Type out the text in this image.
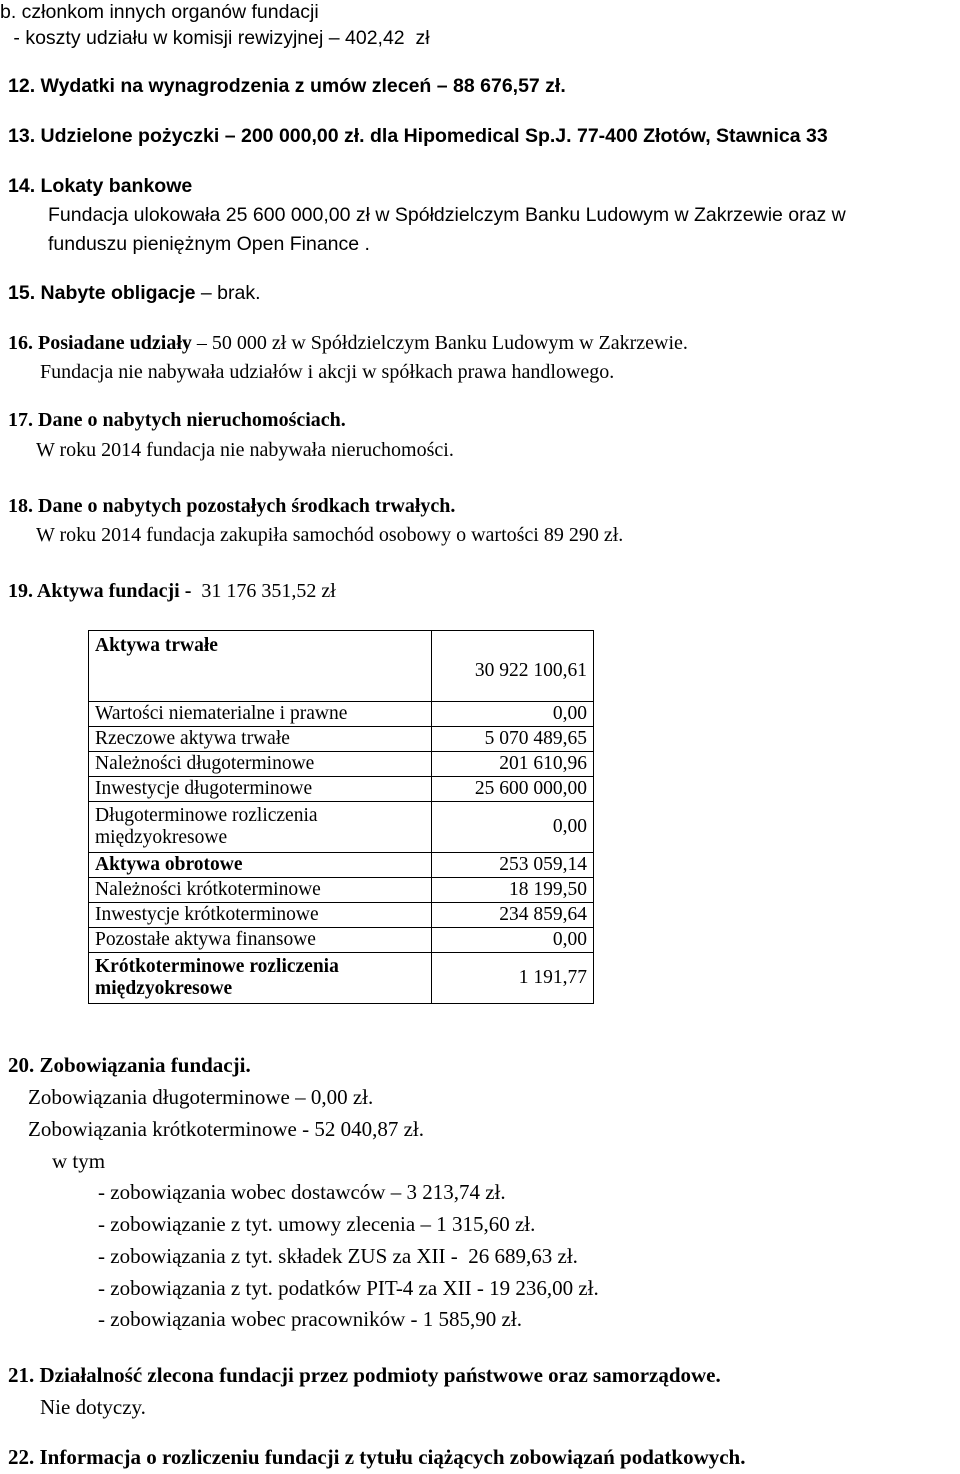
b. członkom innych organów fundacji
- koszty udziału w komisji rewizyjnej – 402,42  zł
12. Wydatki na wynagrodzenia z umów zleceń – 88 676,57 zł.
13. Udzielone pożyczki – 200 000,00 zł. dla Hipomedical Sp.J. 77-400 Złotów, Stawnica 33
14. Lokaty bankowe
Fundacja ulokowała 25 600 000,00 zł w Spółdzielczym Banku Ludowym w Zakrzewie oraz w
funduszu pieniężnym Open Finance .
15. Nabyte obligacje – brak.
16. Posiadane udziały – 50 000 zł w Spółdzielczym Banku Ludowym w Zakrzewie.
Fundacja nie nabywała udziałów i akcji w spółkach prawa handlowego.
17. Dane o nabytych nieruchomościach.
W roku 2014 fundacja nie nabywała nieruchomości.
18. Dane o nabytych pozostałych środkach trwałych.
W roku 2014 fundacja zakupiła samochód osobowy o wartości 89 290 zł.
19. Aktywa fundacji -  31 176 351,52 zł
Aktywa trwałe	30 922 100,61
Wartości niematerialne i prawne	0,00
Rzeczowe aktywa trwałe	5 070 489,65
Należności długoterminowe	201 610,96
Inwestycje długoterminowe	25 600 000,00
Długoterminowe rozliczenia
międzyokresowe	0,00
Aktywa obrotowe	253 059,14
Należności krótkoterminowe	18 199,50
Inwestycje krótkoterminowe	234 859,64
Pozostałe aktywa finansowe	0,00
Krótkoterminowe rozliczenia
międzyokresowe	1 191,77
20. Zobowiązania fundacji.
Zobowiązania długoterminowe – 0,00 zł.
Zobowiązania krótkoterminowe - 52 040,87 zł.
w tym
- zobowiązania wobec dostawców – 3 213,74 zł.
- zobowiązanie z tyt. umowy zlecenia – 1 315,60 zł.
- zobowiązania z tyt. składek ZUS za XII -  26 689,63 zł.
- zobowiązania z tyt. podatków PIT-4 za XII - 19 236,00 zł.
- zobowiązania wobec pracowników - 1 585,90 zł.
21. Działalność zlecona fundacji przez podmioty państwowe oraz samorządowe.
Nie dotyczy.
22. Informacja o rozliczeniu fundacji z tytułu ciążących zobowiązań podatkowych.
